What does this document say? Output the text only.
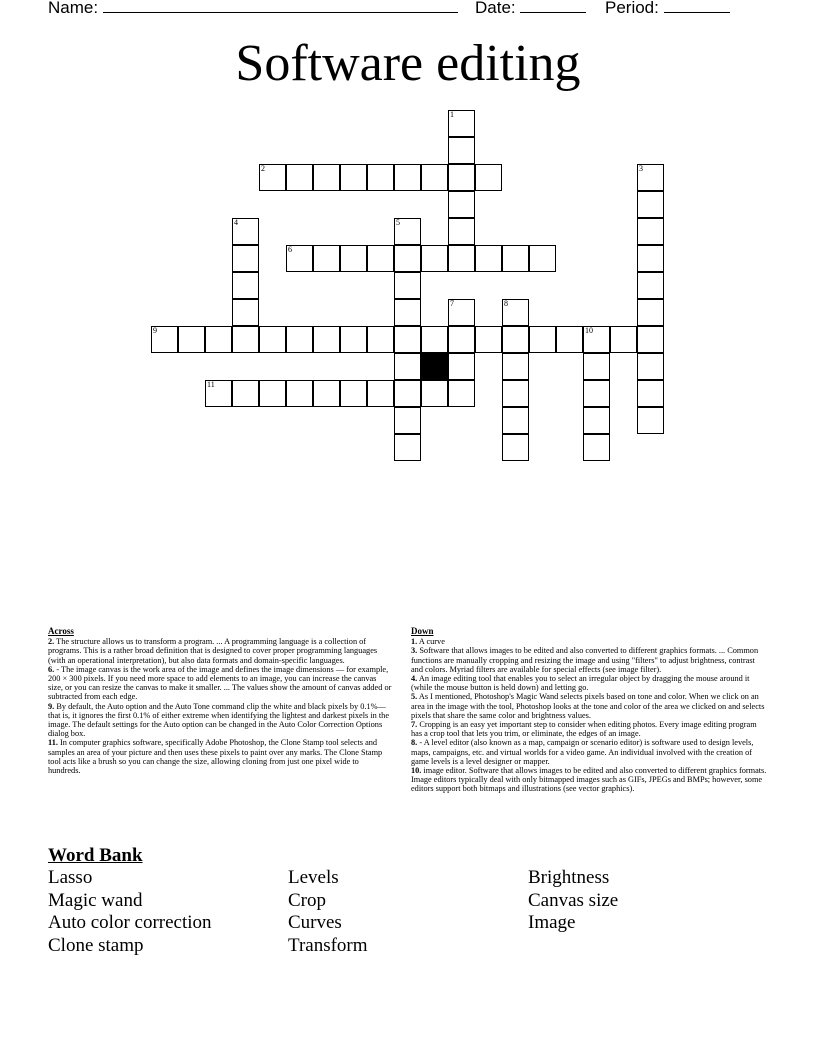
Name:	Date:	Period:
Software editing
1
2	3
4	5
6
7	8
9	10
11
Across

2. The structure allows us to transform a program. ... A programming language is a collection of programs. This is a rather broad definition that is designed to cover proper programming languages (with an operational interpretation), but also data formats and domain-specific languages.

6. - The image canvas is the work area of the image and defines the image dimensions — for example, 200 × 300 pixels. If you need more space to add elements to an image, you can increase the canvas size, or you can resize the canvas to make it smaller. ... The values show the amount of canvas added or subtracted from each edge.

9. By default, the Auto option and the Auto Tone command clip the white and black pixels by 0.1%—that is, it ignores the first 0.1% of either extreme when identifying the lightest and darkest pixels in the image. The default settings for the Auto option can be changed in the Auto Color Correction Options dialog box.

11. In computer graphics software, specifically Adobe Photoshop, the Clone Stamp tool selects and samples an area of your picture and then uses these pixels to paint over any marks. The Clone Stamp tool acts like a brush so you can change the size, allowing cloning from just one pixel wide to hundreds.

Down

1. A curve

3. Software that allows images to be edited and also converted to different graphics formats. ... Common functions are manually cropping and resizing the image and using "filters" to adjust brightness, contrast and colors. Myriad filters are available for special effects (see image filter).

4. An image editing tool that enables you to select an irregular object by dragging the mouse around it (while the mouse button is held down) and letting go.

5. As I mentioned, Photoshop's Magic Wand selects pixels based on tone and color. When we click on an area in the image with the tool, Photoshop looks at the tone and color of the area we clicked on and selects pixels that share the same color and brightness values.

7. Cropping is an easy yet important step to consider when editing photos. Every image editing program has a crop tool that lets you trim, or eliminate, the edges of an image.

8. - A level editor (also known as a map, campaign or scenario editor) is software used to design levels, maps, campaigns, etc. and virtual worlds for a video game. An individual involved with the creation of game levels is a level designer or mapper.

10. image editor. Software that allows images to be edited and also converted to different graphics formats. Image editors typically deal with only bitmapped images such as GIFs, JPEGs and BMPs; however, some editors support both bitmaps and illustrations (see vector graphics).

Word Bank
Lasso
Magic wand
Auto color correction
Clone stamp
Levels
Crop
Curves
Transform
Brightness
Canvas size
Image
